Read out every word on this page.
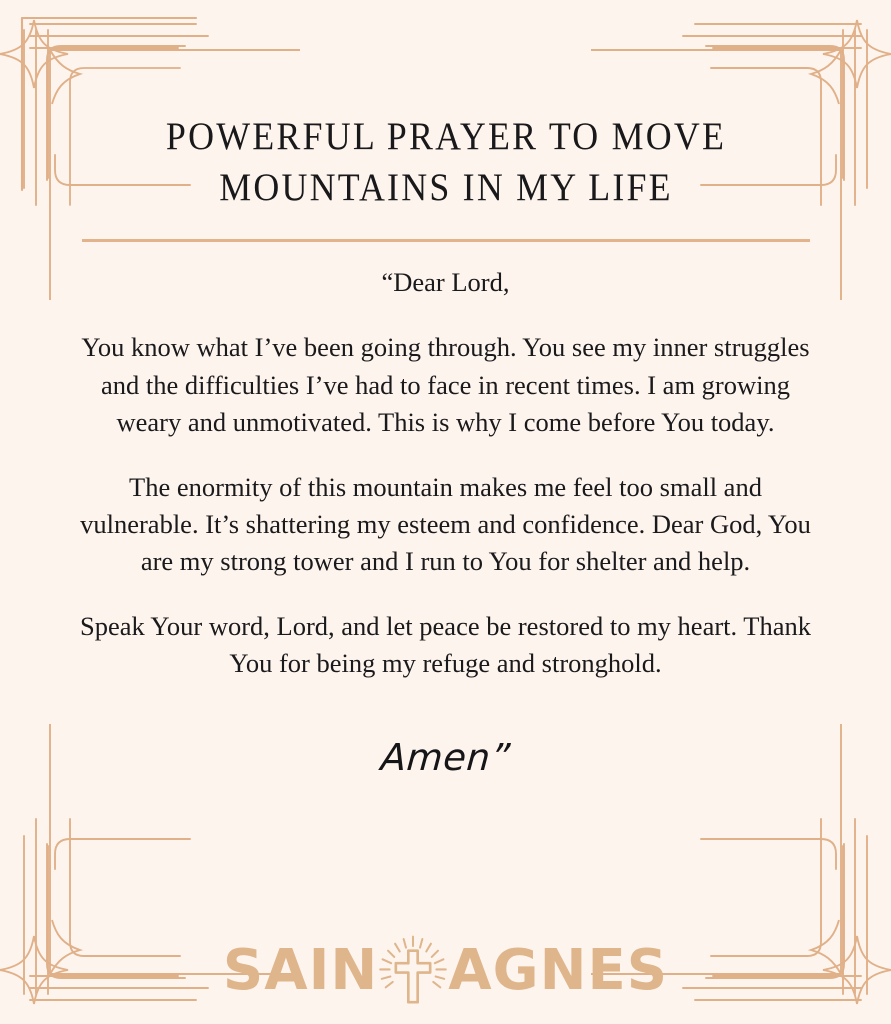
POWERFUL PRAYER TO MOVE MOUNTAINS IN MY LIFE

“Dear Lord,

You know what I’ve been going through. You see my inner struggles and the difficulties I’ve had to face in recent times. I am growing weary and unmotivated. This is why I come before You today.

The enormity of this mountain makes me feel too small and vulnerable. It’s shattering my esteem and confidence. Dear God, You are my strong tower and I run to You for shelter and help.

Speak Your word, Lord, and let peace be restored to my heart. Thank You for being my refuge and stronghold.

Amen”
SAIN AGNES
